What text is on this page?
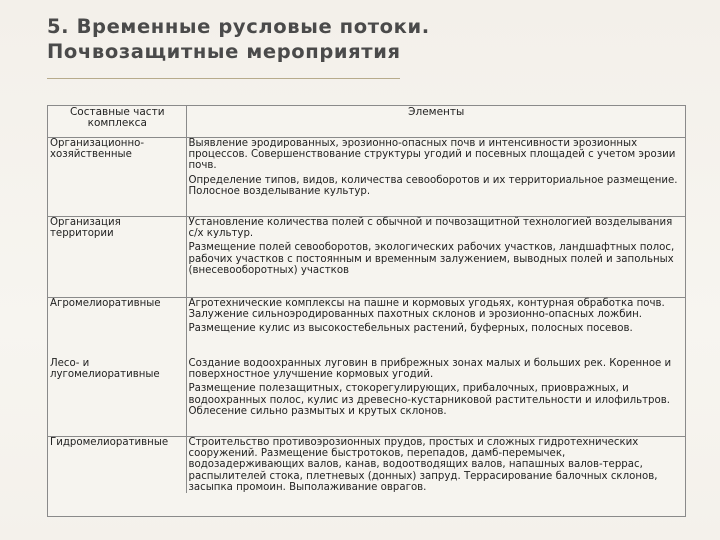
5. Временные русловые потоки.
Почвозащитные мероприятия
Составные части комплекса	Элементы
Организационно-хозяйственные	Выявление эродированных, эрозионно-опасных почв и интенсивности эрозионных процессов. Совершенствование структуры угодий и посевных площадей с учетом эрозии почв.

Определение типов, видов, количества севооборотов и их территориальное размещение. Полосное возделывание культур.

Организация территории	Установление количества полей с обычной и почвозащитной технологией возделывания с/х культур.

Размещение полей севооборотов, экологических рабочих участков, ландшафтных полос, рабочих участков с постоянным и временным залужением, выводных полей и запольных (внесевооборотных) участков

Агромелиоративные	Агротехнические комплексы на пашне и кормовых угодьях, контурная обработка почв. Залужение сильноэродированных пахотных склонов и эрозионно-опасных ложбин.

Размещение кулис из высокостебельных растений, буферных, полосных посевов.

Лесо- и лугомелиоративные	Создание водоохранных луговин в прибрежных зонах малых и больших рек. Коренное и поверхностное улучшение кормовых угодий.

Размещение полезащитных, стокорегулирующих, прибалочных, приовражных, и водоохранных полос, кулис из древесно-кустарниковой растительности и илофильтров. Облесение сильно размытых и крутых склонов.

Гидромелиоративные	Строительство противоэрозионных прудов, простых и сложных гидротехнических сооружений. Размещение быстротоков, перепадов, дамб-перемычек, водозадерживающих валов, канав, водоотводящих валов, напашных валов-террас, распылителей стока, плетневых (донных) запруд. Террасирование балочных склонов, засыпка промоин. Выполаживание оврагов.
